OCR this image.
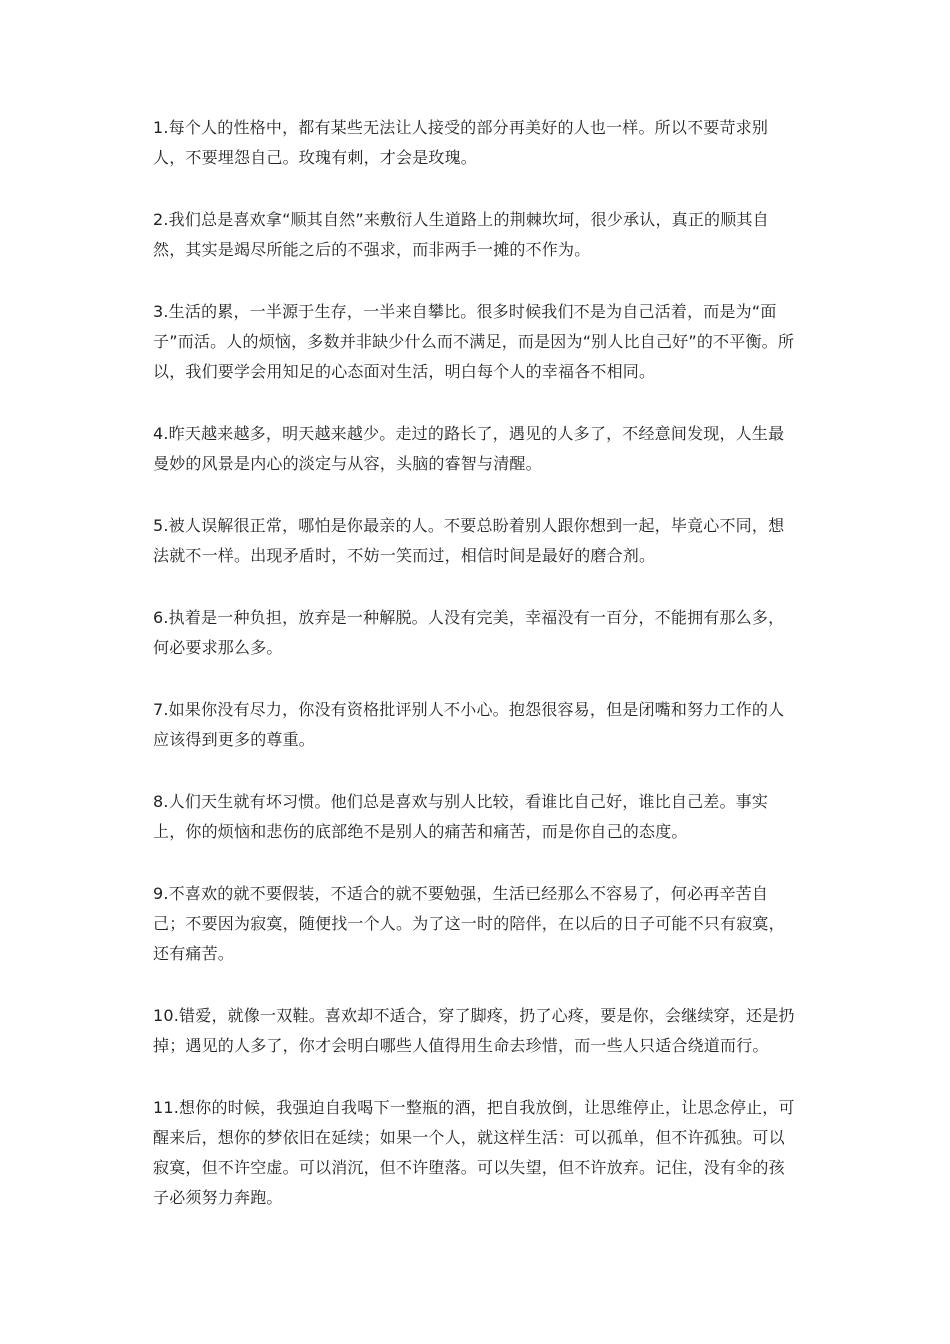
1.每个人的性格中，都有某些无法让人接受的部分再美好的人也一样。所以不要苛求别人，不要埋怨自己。玫瑰有刺，才会是玫瑰。

2.我们总是喜欢拿“顺其自然”来敷衍人生道路上的荆棘坎坷，很少承认，真正的顺其自然，其实是竭尽所能之后的不强求，而非两手一摊的不作为。

3.生活的累，一半源于生存，一半来自攀比。很多时候我们不是为自己活着，而是为“面子”而活。人的烦恼，多数并非缺少什么而不满足，而是因为“别人比自己好”的不平衡。所以，我们要学会用知足的心态面对生活，明白每个人的幸福各不相同。

4.昨天越来越多，明天越来越少。走过的路长了，遇见的人多了，不经意间发现，人生最曼妙的风景是内心的淡定与从容，头脑的睿智与清醒。

5.被人误解很正常，哪怕是你最亲的人。不要总盼着别人跟你想到一起，毕竟心不同，想法就不一样。出现矛盾时，不妨一笑而过，相信时间是最好的磨合剂。

6.执着是一种负担，放弃是一种解脱。人没有完美，幸福没有一百分，不能拥有那么多，何必要求那么多。

7.如果你没有尽力，你没有资格批评别人不小心。抱怨很容易，但是闭嘴和努力工作的人应该得到更多的尊重。

8.人们天生就有坏习惯。他们总是喜欢与别人比较，看谁比自己好，谁比自己差。事实上，你的烦恼和悲伤的底部绝不是别人的痛苦和痛苦，而是你自己的态度。

9.不喜欢的就不要假装，不适合的就不要勉强，生活已经那么不容易了，何必再辛苦自己；不要因为寂寞，随便找一个人。为了这一时的陪伴，在以后的日子可能不只有寂寞，还有痛苦。

10.错爱，就像一双鞋。喜欢却不适合，穿了脚疼，扔了心疼，要是你，会继续穿，还是扔掉；遇见的人多了，你才会明白哪些人值得用生命去珍惜，而一些人只适合绕道而行。

11.想你的时候，我强迫自我喝下一整瓶的酒，把自我放倒，让思维停止，让思念停止，可醒来后，想你的梦依旧在延续；如果一个人，就这样生活：可以孤单，但不许孤独。可以寂寞，但不许空虚。可以消沉，但不许堕落。可以失望，但不许放弃。记住，没有伞的孩子必须努力奔跑。
